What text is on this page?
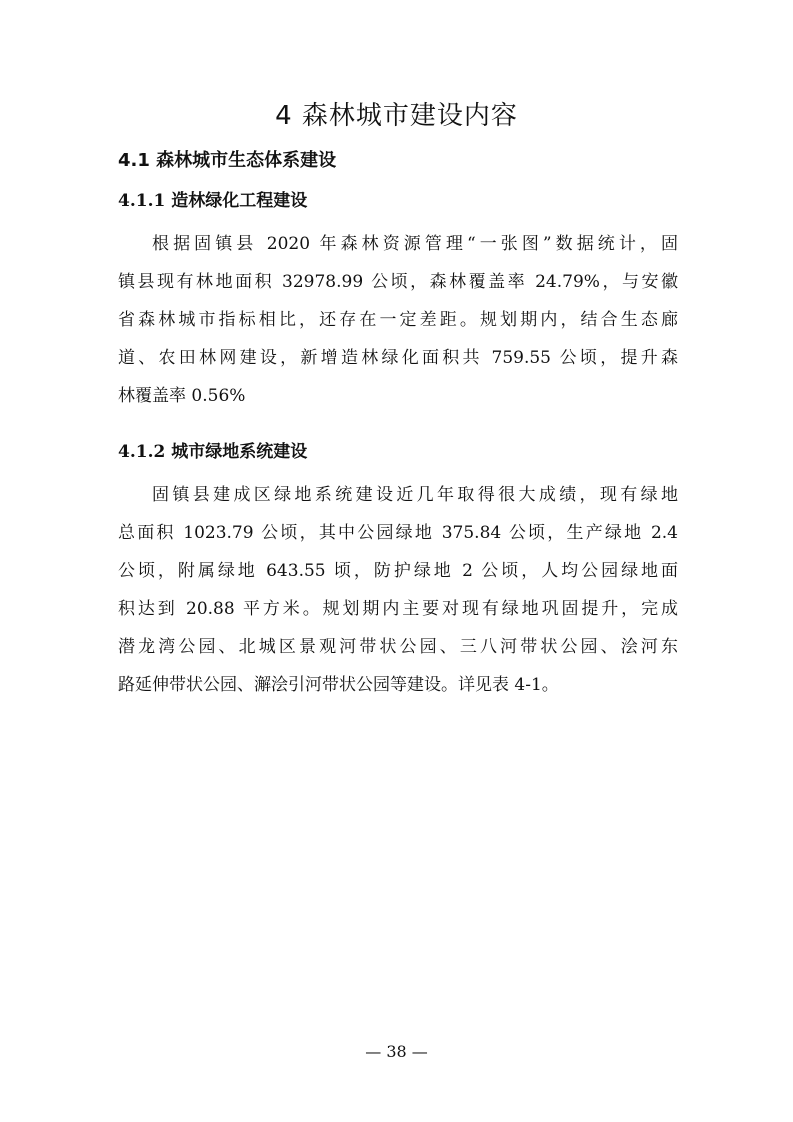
4 森林城市建设内容
4.1 森林城市生态体系建设
4.1.1 造林绿化工程建设
根据固镇县 2020 年森林资源管理“一张图”数据统计，固
镇县现有林地面积 32978.99 公顷，森林覆盖率 24.79%，与安徽
省森林城市指标相比，还存在一定差距。规划期内，结合生态廊
道、农田林网建设，新增造林绿化面积共 759.55 公顷，提升森
林覆盖率 0.56%
4.1.2 城市绿地系统建设
固镇县建成区绿地系统建设近几年取得很大成绩，现有绿地
总面积 1023.79 公顷，其中公园绿地 375.84 公顷，生产绿地 2.4
公顷，附属绿地 643.55 顷，防护绿地 2 公顷，人均公园绿地面
积达到 20.88 平方米。规划期内主要对现有绿地巩固提升，完成
潜龙湾公园、北城区景观河带状公园、三八河带状公园、浍河东
路延伸带状公园、澥浍引河带状公园等建设。详见表 4-1。
— 38 —
